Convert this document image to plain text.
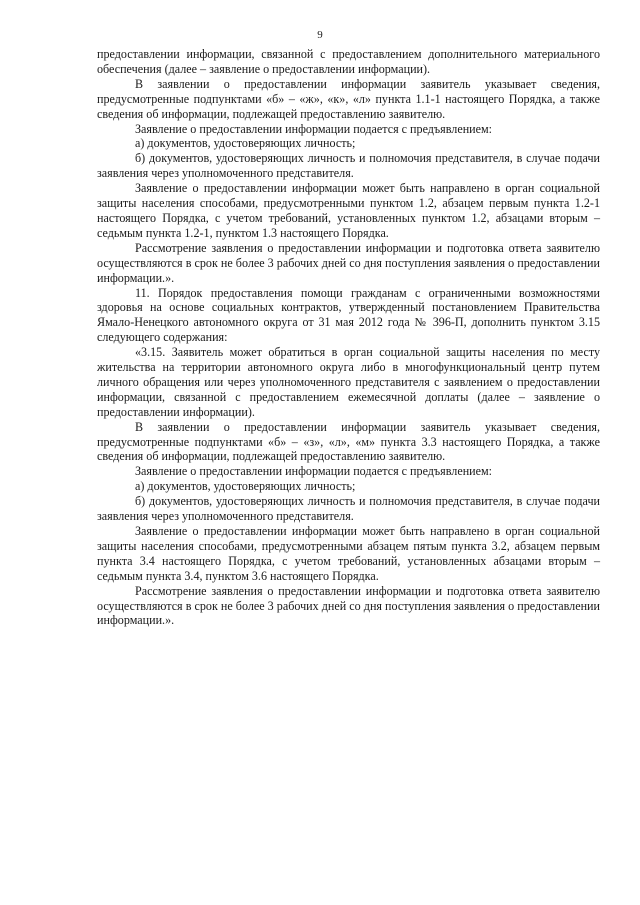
9

предоставлении информации, связанной с предоставлением дополнительного материального обеспечения (далее – заявление о предоставлении информации).

В заявлении о предоставлении информации заявитель указывает сведения, предусмотренные подпунктами «б» – «ж», «к», «л» пункта 1.1-1 настоящего Порядка, а также сведения об информации, подлежащей предоставлению заявителю.

Заявление о предоставлении информации подается с предъявлением:

а) документов, удостоверяющих личность;

б) документов, удостоверяющих личность и полномочия представителя, в случае подачи заявления через уполномоченного представителя.

Заявление о предоставлении информации может быть направлено в орган социальной защиты населения способами, предусмотренными пунктом 1.2, абзацем первым пункта 1.2-1 настоящего Порядка, с учетом требований, установленных пунктом 1.2, абзацами вторым – седьмым пункта 1.2-1, пунктом 1.3 настоящего Порядка.

Рассмотрение заявления о предоставлении информации и подготовка ответа заявителю осуществляются в срок не более 3 рабочих дней со дня поступления заявления о предоставлении информации.».

11. Порядок предоставления помощи гражданам с ограниченными возможностями здоровья на основе социальных контрактов, утвержденный постановлением Правительства Ямало-Ненецкого автономного округа от 31 мая 2012 года № 396-П, дополнить пунктом 3.15 следующего содержания:

«3.15. Заявитель может обратиться в орган социальной защиты населения по месту жительства на территории автономного округа либо в многофункциональный центр путем личного обращения или через уполномоченного представителя с заявлением о предоставлении информации, связанной с предоставлением ежемесячной доплаты (далее – заявление о предоставлении информации).

В заявлении о предоставлении информации заявитель указывает сведения, предусмотренные подпунктами «б» – «з», «л», «м» пункта 3.3 настоящего Порядка, а также сведения об информации, подлежащей предоставлению заявителю.

Заявление о предоставлении информации подается с предъявлением:

а) документов, удостоверяющих личность;

б) документов, удостоверяющих личность и полномочия представителя, в случае подачи заявления через уполномоченного представителя.

Заявление о предоставлении информации может быть направлено в орган социальной защиты населения способами, предусмотренными абзацем пятым пункта 3.2, абзацем первым пункта 3.4 настоящего Порядка, с учетом требований, установленных абзацами вторым – седьмым пункта 3.4, пунктом 3.6 настоящего Порядка.

Рассмотрение заявления о предоставлении информации и подготовка ответа заявителю осуществляются в срок не более 3 рабочих дней со дня поступления заявления о предоставлении информации.».
